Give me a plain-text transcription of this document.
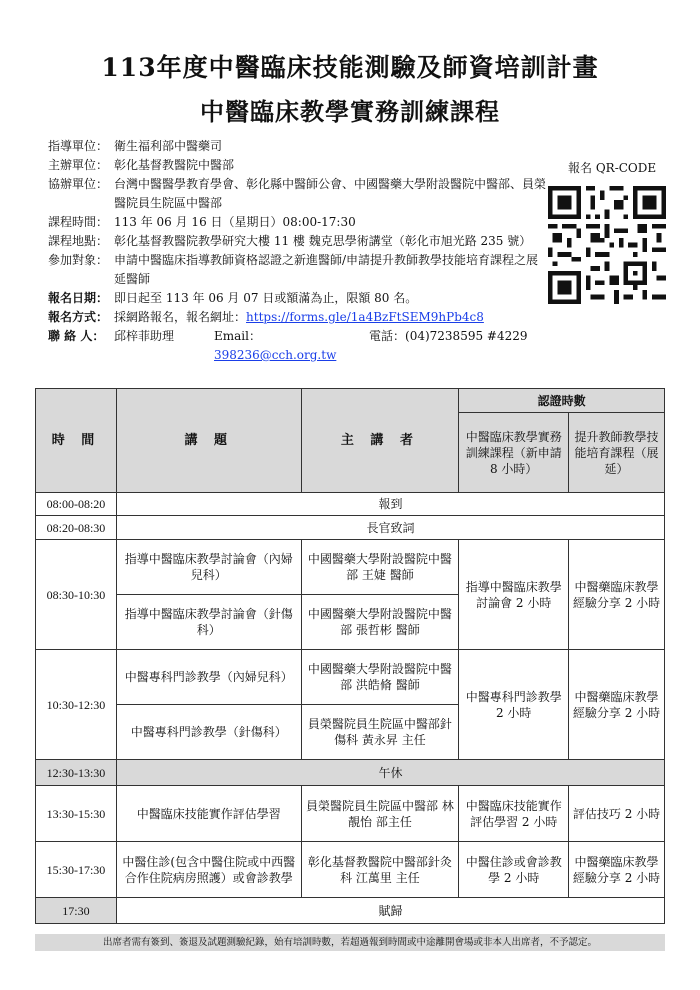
113年度中醫臨床技能測驗及師資培訓計畫
中醫臨床教學實務訓練課程
指導單位： 衛生福利部中醫藥司
主辦單位： 彰化基督教醫院中醫部
協辦單位： 台灣中醫醫學教育學會、彰化縣中醫師公會、中國醫藥大學附設醫院中醫部、員榮醫院員生院區中醫部
課程時間： 113 年 06 月 16 日（星期日）08:00-17:30
課程地點： 彰化基督教醫院教學研究大樓 11 樓 魏克思學術講堂（彰化市旭光路 235 號）
參加對象： 申請中醫臨床指導教師資格認證之新進醫師/申請提升教師教學技能培育課程之展延醫師
報名日期： 即日起至 113 年 06 月 07 日或額滿為止，限額 80 名。
報名方式： 採網路報名，報名網址：https://forms.gle/1a4BzFtSEM9hPb4c8
聯 絡 人： 邱梓菲助理	Email：398236@cch.org.tw
電話：(04)7238595 #4229
報名 QR-CODE
時 間	講 題	主 講 者	認證時數	
			中醫臨床教學實務訓練課程（新申請 8 小時）	提升教師教學技能培育課程（展延）
08:00-08:20	報到			
08:20-08:30	長官致詞			
08:30-10:30	指導中醫臨床教學討論會（內婦兒科）	中國醫藥大學附設醫院中醫部 王婕 醫師	指導中醫臨床教學討論會 2 小時	中醫藥臨床教學經驗分享 2 小時
	指導中醫臨床教學討論會（針傷科）	中國醫藥大學附設醫院中醫部 張哲彬 醫師		
10:30-12:30	中醫專科門診教學（內婦兒科）	中國醫藥大學附設醫院中醫部 洪皓脩 醫師	中醫專科門診教學 2 小時	中醫藥臨床教學經驗分享 2 小時
	中醫專科門診教學（針傷科）	員榮醫院員生院區中醫部針傷科 黃永昇 主任		
12:30-13:30	午休			
13:30-15:30	中醫臨床技能實作評估學習	員榮醫院員生院區中醫部 林靚怡 部主任	中醫臨床技能實作評估學習 2 小時	評估技巧 2 小時
15:30-17:30	中醫住診(包含中醫住院或中西醫合作住院病房照護）或會診教學	彰化基督教醫院中醫部針灸科 江萬里 主任	中醫住診或會診教學 2 小時	中醫藥臨床教學經驗分享 2 小時
17:30	賦歸			
出席者需有簽到、簽退及試題測驗紀錄，始有培訓時數，若超過報到時間或中途離開會場或非本人出席者，不予認定。
